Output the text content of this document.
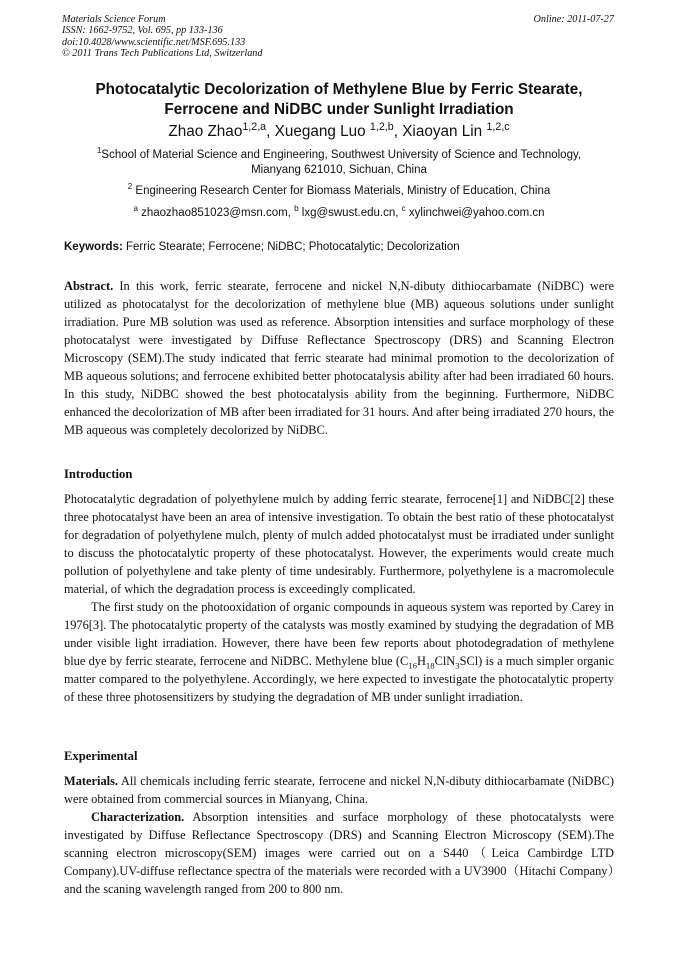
Materials Science Forum
ISSN: 1662-9752, Vol. 695, pp 133-136
doi:10.4028/www.scientific.net/MSF.695.133
© 2011 Trans Tech Publications Ltd, Switzerland
Online: 2011-07-27
Photocatalytic Decolorization of Methylene Blue by Ferric Stearate,
Ferrocene and NiDBC under Sunlight Irradiation
Zhao Zhao$^{1,2,a}$, Xuegang Luo $^{1,2,b}$, Xiaoyan Lin $^{1,2,c}$
$^1$School of Material Science and Engineering, Southwest University of Science and Technology,
Mianyang 621010, Sichuan, China
$^2$ Engineering Research Center for Biomass Materials, Ministry of Education, China
$^a$ zhaozhao851023@msn.com, $^b$ lxg@swust.edu.cn, $^c$ xylinchwei@yahoo.com.cn
Keywords: Ferric Stearate; Ferrocene; NiDBC; Photocatalytic; Decolorization

Abstract. In this work, ferric stearate, ferrocene and nickel N,N-dibuty dithiocarbamate (NiDBC) were utilized as photocatalyst for the decolorization of methylene blue (MB) aqueous solutions under sunlight irradiation. Pure MB solution was used as reference. Absorption intensities and surface morphology of these photocatalyst were investigated by Diffuse Reflectance Spectroscopy (DRS) and Scanning Electron Microscopy (SEM).The study indicated that ferric stearate had minimal promotion to the decolorization of MB aqueous solutions; and ferrocene exhibited better photocatalysis ability after had been irradiated 60 hours. In this study, NiDBC showed the best photocatalysis ability from the beginning. Furthermore, NiDBC enhanced the decolorization of MB after been irradiated for 31 hours. And after being irradiated 270 hours, the MB aqueous was completely decolorized by NiDBC.

Introduction

Photocatalytic degradation of polyethylene mulch by adding ferric stearate, ferrocene[1] and NiDBC[2] these three photocatalyst have been an area of intensive investigation. To obtain the best ratio of these photocatalyst for degradation of polyethylene mulch, plenty of mulch added photocatalyst must be irradiated under sunlight to discuss the photocatalytic property of these photocatalyst. However, the experiments would create much pollution of polyethylene and take plenty of time undesirably. Furthermore, polyethylene is a macromolecule material, of which the degradation process is exceedingly complicated.

The first study on the photooxidation of organic compounds in aqueous system was reported by Carey in 1976[3]. The photocatalytic property of the catalysts was mostly examined by studying the degradation of MB under visible light irradiation. However, there have been few reports about photodegradation of methylene blue dye by ferric stearate, ferrocene and NiDBC. Methylene blue $(C_{16}H_{18}ClN_3SCl)$ is a much simpler organic matter compared to the polyethylene. Accordingly, we here expected to investigate the photocatalytic property of these three photosensitizers by studying the degradation of MB under sunlight irradiation.

Experimental

Materials. All chemicals including ferric stearate, ferrocene and nickel N,N-dibuty dithiocarbamate (NiDBC) were obtained from commercial sources in Mianyang, China.

Characterization. Absorption intensities and surface morphology of these photocatalysts were investigated by Diffuse Reflectance Spectroscopy (DRS) and Scanning Electron Microscopy (SEM).The scanning electron microscopy(SEM) images were carried out on a S440（Leica Cambirdge LTD Company).UV-diffuse reflectance spectra of the materials were recorded with a UV3900（Hitachi Company）and the scaning wavelength ranged from 200 to 800 nm.
